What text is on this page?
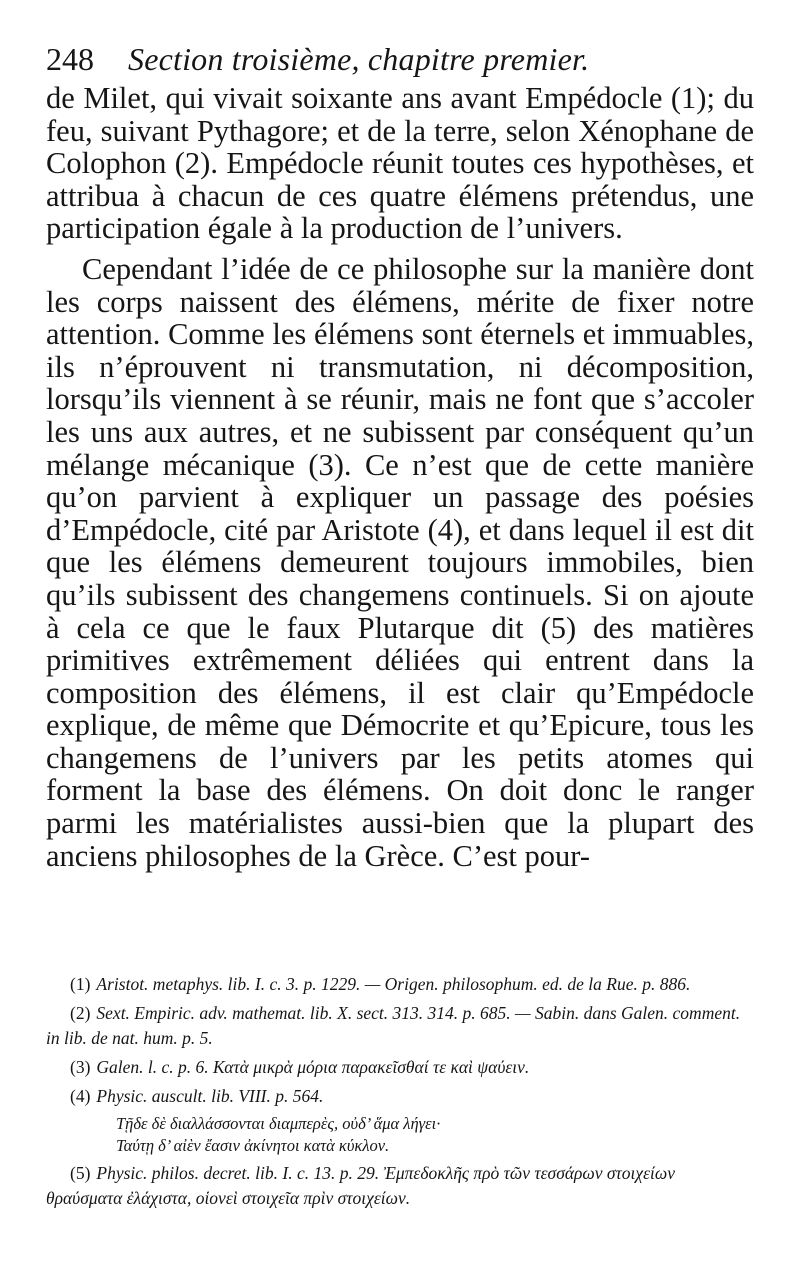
248 Section troisième, chapitre premier.

de Milet, qui vivait soixante ans avant Empédocle (1); du feu, suivant Pythagore; et de la terre, selon Xénophane de Colophon (2). Empédocle réunit toutes ces hypothèses, et attribua à chacun de ces quatre élémens prétendus, une participation égale à la production de l’univers.

Cependant l’idée de ce philosophe sur la manière dont les corps naissent des élémens, mérite de fixer notre attention. Comme les élémens sont éternels et immuables, ils n’éprouvent ni transmutation, ni décomposition, lorsqu’ils viennent à se réunir, mais ne font que s’accoler les uns aux autres, et ne subissent par conséquent qu’un mélange mécanique (3). Ce n’est que de cette manière qu’on parvient à expliquer un passage des poésies d’Empédocle, cité par Aristote (4), et dans lequel il est dit que les élémens demeurent toujours immobiles, bien qu’ils subissent des changemens continuels. Si on ajoute à cela ce que le faux Plutarque dit (5) des matières primitives extrêmement déliées qui entrent dans la composition des élémens, il est clair qu’Empédocle explique, de même que Démocrite et qu’Epicure, tous les changemens de l’univers par les petits atomes qui forment la base des élémens. On doit donc le ranger parmi les matérialistes aussi-bien que la plupart des anciens philosophes de la Grèce. C’est pour-

(1) Aristot. metaphys. lib. I. c. 3. p. 1229. — Origen. philosophum. ed. de la Rue. p. 886.

(2) Sext. Empiric. adv. mathemat. lib. X. sect. 313. 314. p. 685. — Sabin. dans Galen. comment. in lib. de nat. hum. p. 5.

(3) Galen. l. c. p. 6. Κατὰ μικρὰ μόρια παρακεῖσθαί τε καὶ ψαύειν.

(4) Physic. auscult. lib. VIII. p. 564.

Τῇδε δὲ διαλλάσσονται διαμπερὲς, οὐδ’ ἅμα λήγει·

Ταύτῃ δ’ αἰὲν ἔασιν ἀκίνητοι κατὰ κύκλον.

(5) Physic. philos. decret. lib. I. c. 13. p. 29. Ἐμπεδοκλῆς πρὸ τῶν τεσσάρων στοιχείων θραύσματα ἐλάχιστα, οἱονεὶ στοιχεῖα πρὶν στοιχείων.
